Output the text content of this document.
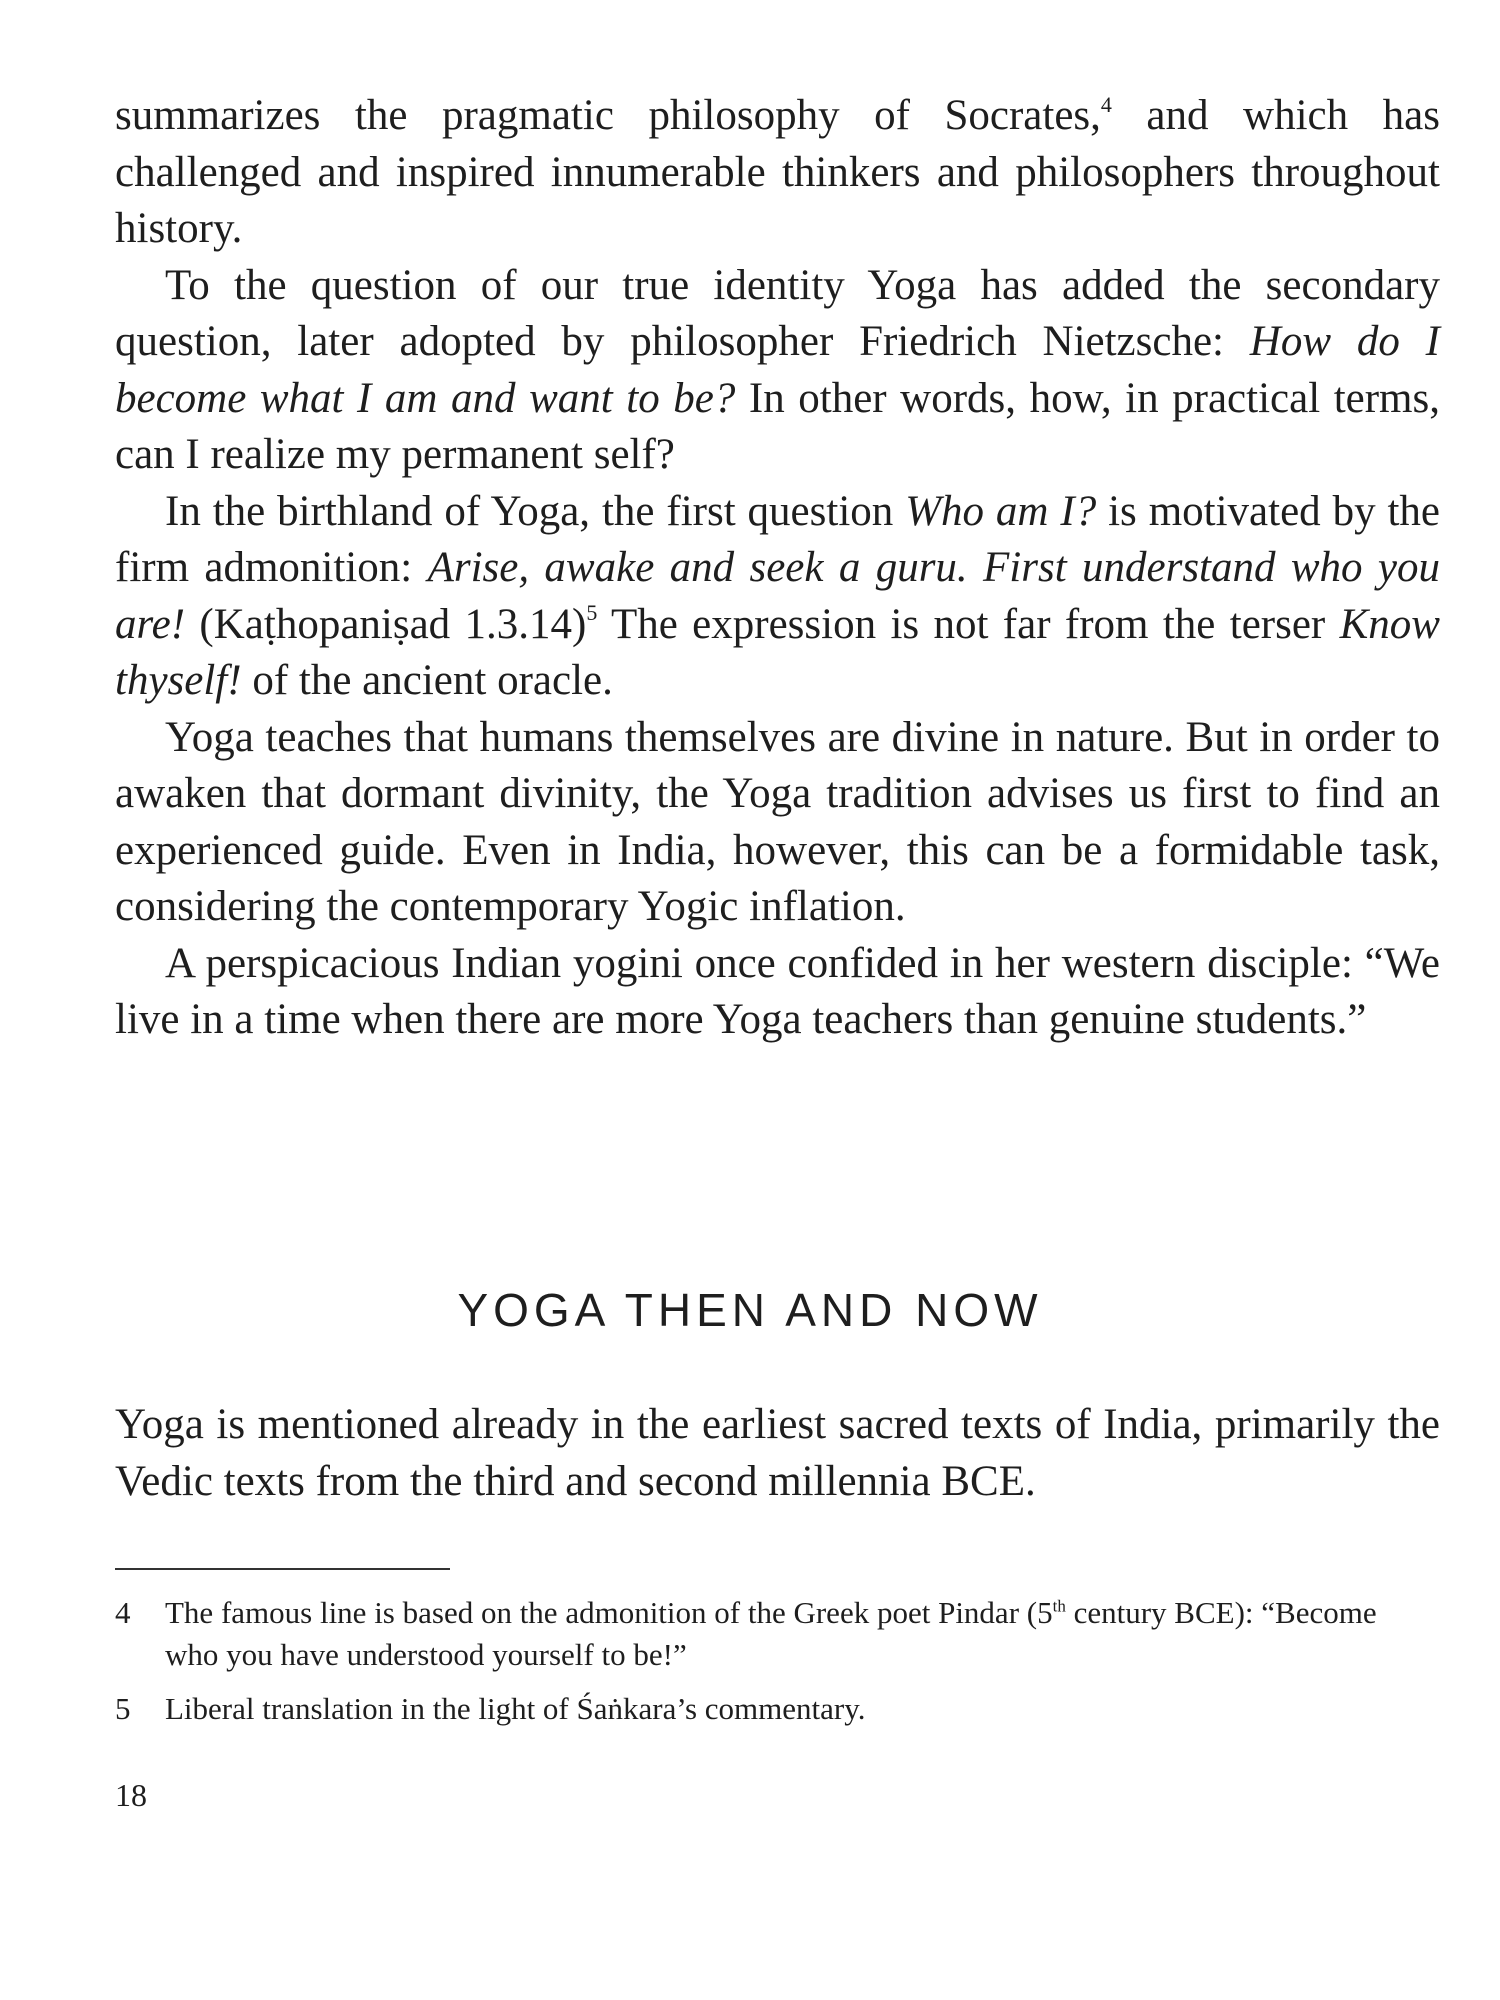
summarizes the pragmatic philosophy of Socrates,$^4$ and which has challenged and inspired innumerable thinkers and philosophers throughout history.

To the question of our true identity Yoga has added the secondary question, later adopted by philosopher Friedrich Nietzsche: How do I become what I am and want to be? In other words, how, in practical terms, can I realize my permanent self?

In the birthland of Yoga, the first question Who am I? is motivated by the firm admonition: Arise, awake and seek a guru. First understand who you are! (Kaṭhopaniṣad 1.3.14)$^5$ The expression is not far from the terser Know thyself! of the ancient oracle.

Yoga teaches that humans themselves are divine in nature. But in order to awaken that dormant divinity, the Yoga tradition advises us first to find an experienced guide. Even in India, however, this can be a formidable task, considering the contemporary Yogic inflation.

A perspicacious Indian yogini once confided in her western disciple: “We live in a time when there are more Yoga teachers than genuine students.”

YOGA THEN AND NOW

Yoga is mentioned already in the earliest sacred texts of India, primarily the Vedic texts from the third and second millennia BCE.

4	The famous line is based on the admonition of the Greek poet Pindar (5th century BCE): “Become who you have understood yourself to be!”
5	Liberal translation in the light of Śaṅkara’s commentary.
18
